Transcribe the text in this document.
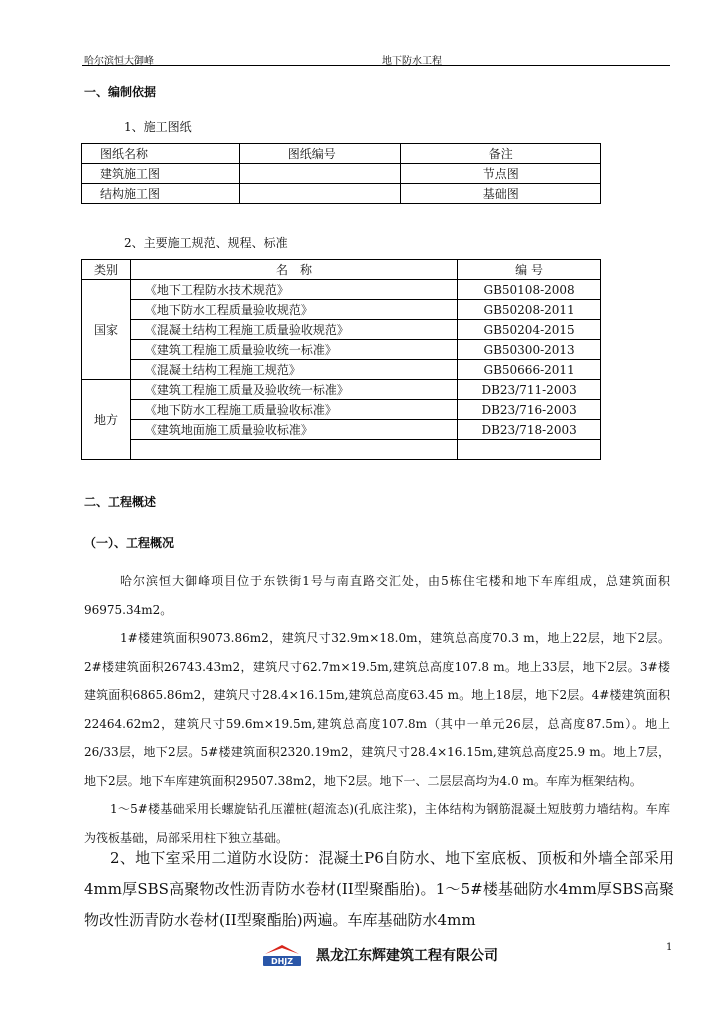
哈尔滨恒大御峰	地下防水工程
一、编制依据
1、施工图纸
图纸名称	图纸编号	备注
建筑施工图		节点图
结构施工图		基础图
2、主要施工规范、规程、标准
类别	名　称	编 号
国家	《地下工程防水技术规范》	GB50108-2008
	《地下防水工程质量验收规范》	GB50208-2011
	《混凝土结构工程施工质量验收规范》	GB50204-2015
	《建筑工程施工质量验收统一标准》	GB50300-2013
	《混凝土结构工程施工规范》	GB50666-2011
地方	《建筑工程施工质量及验收统一标准》	DB23/711-2003
	《地下防水工程施工质量验收标准》	DB23/716-2003
	《建筑地面施工质量验收标准》	DB23/718-2003

二、工程概述
（一）、工程概况

哈尔滨恒大御峰项目位于东铁街1号与南直路交汇处，由5栋住宅楼和地下车库组成，总建筑面积96975.34m2。

1#楼建筑面积9073.86m2，建筑尺寸32.9m×18.0m，建筑总高度70.3 m，地上22层，地下2层。2#楼建筑面积26743.43m2，建筑尺寸62.7m×19.5m,建筑总高度107.8 m。地上33层，地下2层。3#楼建筑面积6865.86m2，建筑尺寸28.4×16.15m,建筑总高度63.45 m。地上18层，地下2层。4#楼建筑面积22464.62m2，建筑尺寸59.6m×19.5m,建筑总高度107.8m（其中一单元26层，总高度87.5m）。地上26/33层，地下2层。5#楼建筑面积2320.19m2，建筑尺寸28.4×16.15m,建筑总高度25.9 m。地上7层，地下2层。地下车库建筑面积29507.38m2，地下2层。地下一、二层层高均为4.0 m。车库为框架结构。

1～5#楼基础采用长螺旋钻孔压灌桩(超流态)(孔底注浆)，主体结构为钢筋混凝土短肢剪力墙结构。车库为筏板基础，局部采用柱下独立基础。

2、地下室采用二道防水设防：混凝土P6自防水、地下室底板、顶板和外墙全部采用4mm厚SBS高聚物改性沥青防水卷材(II型聚酯胎)。1～5#楼基础防水4mm厚SBS高聚物改性沥青防水卷材(II型聚酯胎)两遍。车库基础防水4mm

1
DHJZ 黑龙江东辉建筑工程有限公司
